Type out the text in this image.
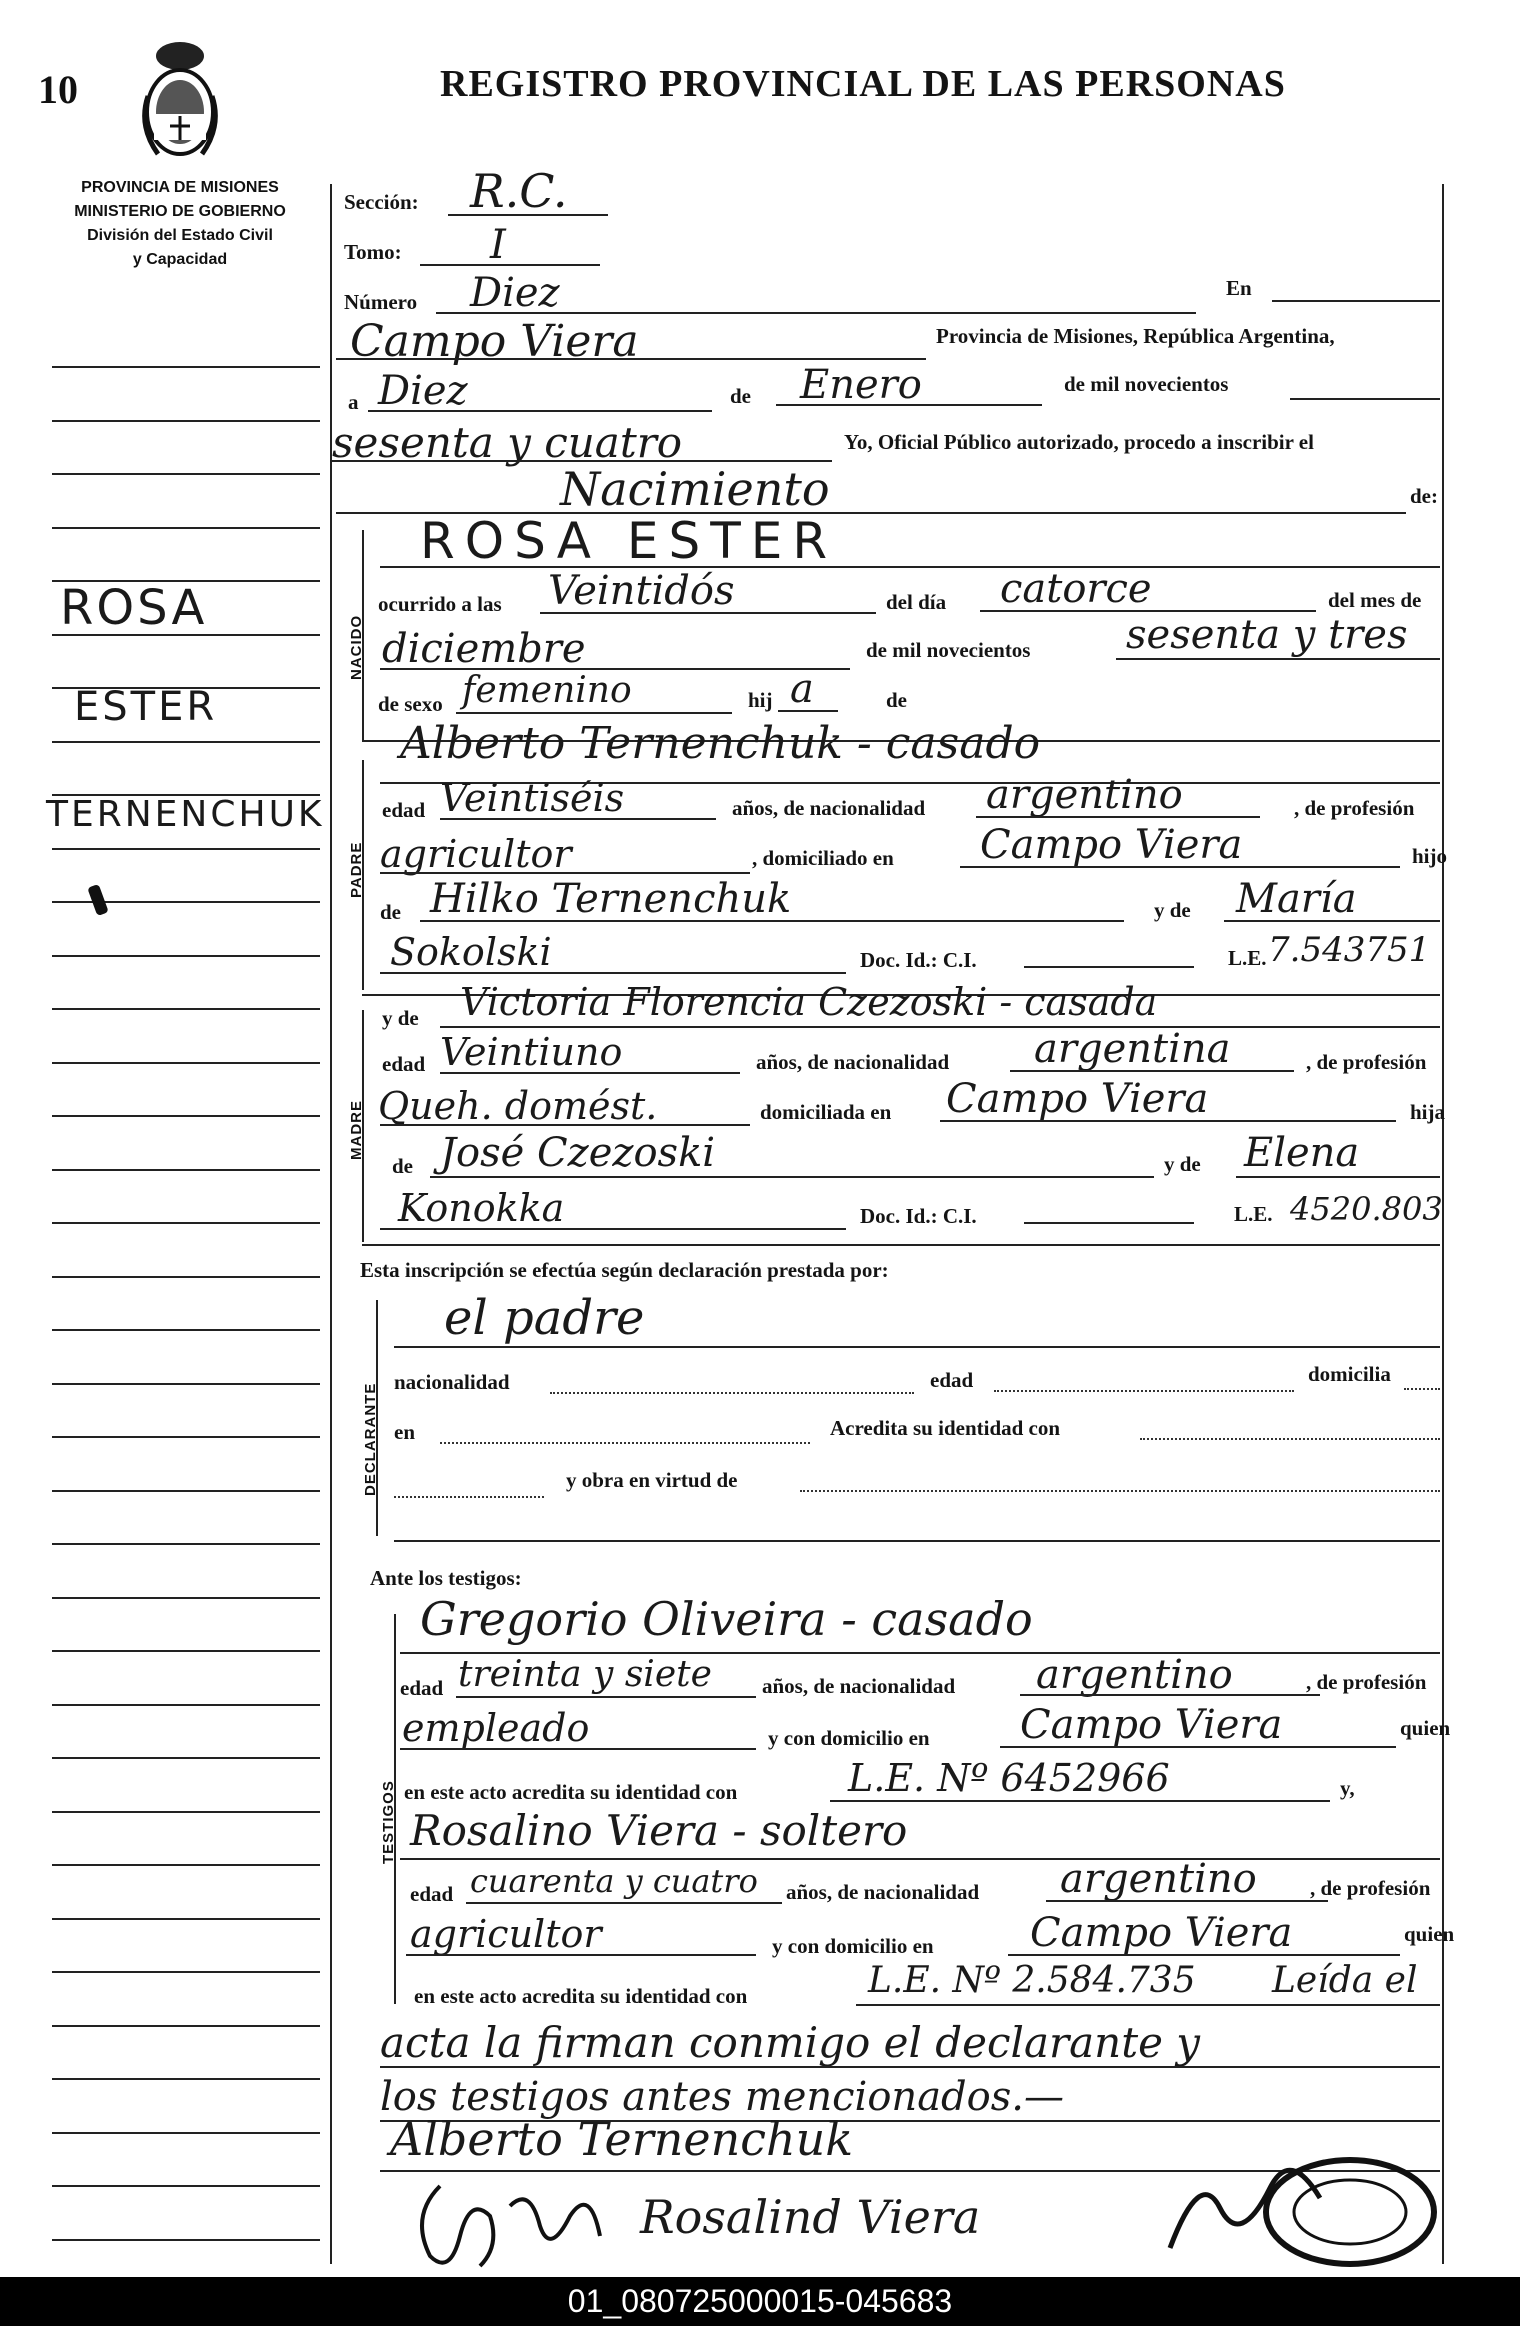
10	REGISTRO PROVINCIAL DE LAS PERSONAS
PROVINCIA DE MISIONES
MINISTERIO DE GOBIERNO
División del Estado Civil
y Capacidad
ROSA
ESTER
TERNENCHUK
Sección: R.C.
Tomo: I
Número Diez	En
Campo Viera	Provincia de Misiones, República Argentina,
a Diez	de Enero	de mil novecientos
sesenta y cuatro	Yo, Oficial Público autorizado, procedo a inscribir el
Nacimiento	de:
NACIDO
ROSA ESTER
ocurrido a las Veintidós	del día catorce	del mes de
diciembre	de mil novecientos sesenta y tres
de sexo femenino	hij a	de
PADRE
Alberto Ternenchuk - casado
edad Veintiséis	años, de nacionalidad argentino	, de profesión
agricultor	, domiciliado en Campo Viera	hijo
de Hilko Ternenchuk	y de María
Sokolski	Doc. Id.: C.I.	L.E. 7.543751
MADRE
y de Victoria Florencia Czezoski - casada
edad Veintiuno	años, de nacionalidad argentina	, de profesión
Queh. domést.	domiciliada en Campo Viera	hija
de José Czezoski	y de Elena
Konokka	Doc. Id.: C.I.	L.E. 4520.803
Esta inscripción se efectúa según declaración prestada por:
DECLARANTE
el padre
nacionalidad	edad	domicilia
en	Acredita su identidad con
y obra en virtud de
Ante los testigos:
TESTIGOS
Gregorio Oliveira - casado
edad treinta y siete años, de nacionalidad argentino	, de profesión
empleado	y con domicilio en Campo Viera	quien
en este acto acredita su identidad con	L.E. Nº 6452966	y,
Rosalino Viera - soltero
edad cuarenta y cuatro años, de nacionalidad argentino	, de profesión
agricultor	y con domicilio en Campo Viera	quien
en este acto acredita su identidad con	L.E. Nº 2.584.735 Leída el
acta la firman conmigo el declarante y
los testigos antes mencionados.—
Alberto Ternenchuk
Rosalind Viera
01_080725000015-045683
